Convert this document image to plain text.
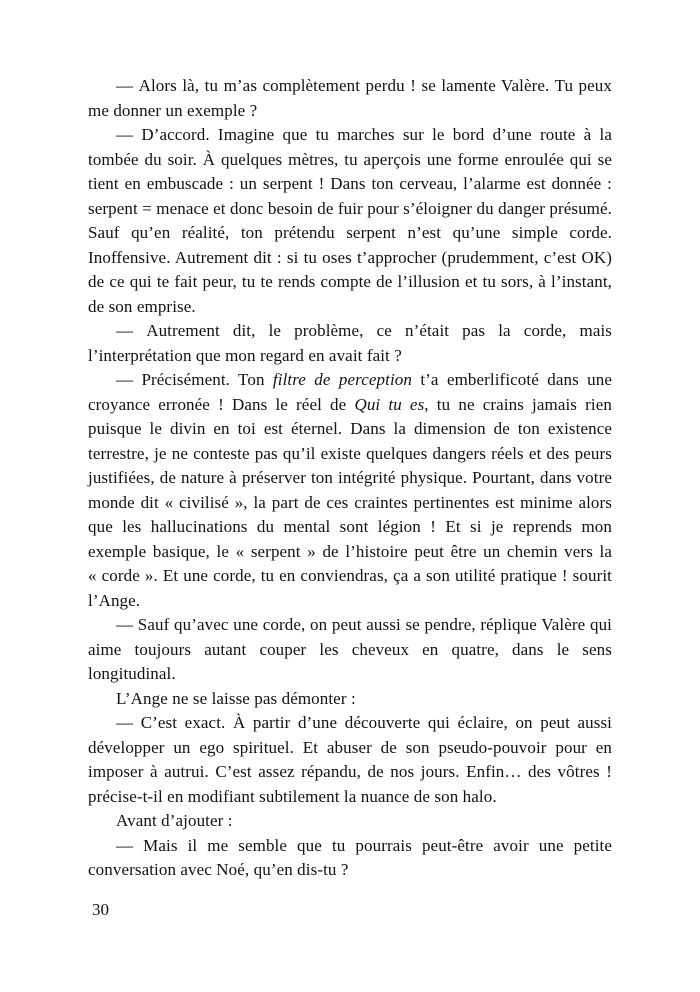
— Alors là, tu m’as complètement perdu ! se lamente Valère. Tu peux me donner un exemple ?

— D’accord. Imagine que tu marches sur le bord d’une route à la tombée du soir. À quelques mètres, tu aperçois une forme enroulée qui se tient en embuscade : un serpent ! Dans ton cerveau, l’alarme est donnée : serpent = menace et donc besoin de fuir pour s’éloigner du danger présumé. Sauf qu’en réalité, ton prétendu serpent n’est qu’une simple corde. Inoffensive. Autrement dit : si tu oses t’approcher (prudemment, c’est OK) de ce qui te fait peur, tu te rends compte de l’illusion et tu sors, à l’instant, de son emprise.

— Autrement dit, le problème, ce n’était pas la corde, mais l’interprétation que mon regard en avait fait ?

— Précisément. Ton filtre de perception t’a emberlificoté dans une croyance erronée ! Dans le réel de Qui tu es, tu ne crains jamais rien puisque le divin en toi est éternel. Dans la dimension de ton existence terrestre, je ne conteste pas qu’il existe quelques dangers réels et des peurs justifiées, de nature à préserver ton intégrité physique. Pourtant, dans votre monde dit « civilisé », la part de ces craintes pertinentes est minime alors que les hallucinations du mental sont légion ! Et si je reprends mon exemple basique, le « serpent » de l’histoire peut être un chemin vers la « corde ». Et une corde, tu en conviendras, ça a son utilité pratique ! sourit l’Ange.

— Sauf qu’avec une corde, on peut aussi se pendre, réplique Valère qui aime toujours autant couper les cheveux en quatre, dans le sens longitudinal.

L’Ange ne se laisse pas démonter :

— C’est exact. À partir d’une découverte qui éclaire, on peut aussi développer un ego spirituel. Et abuser de son pseudo-pouvoir pour en imposer à autrui. C’est assez répandu, de nos jours. Enfin… des vôtres ! précise-t-il en modifiant subtilement la nuance de son halo.

Avant d’ajouter :

— Mais il me semble que tu pourrais peut-être avoir une petite conversation avec Noé, qu’en dis-tu ?

30
